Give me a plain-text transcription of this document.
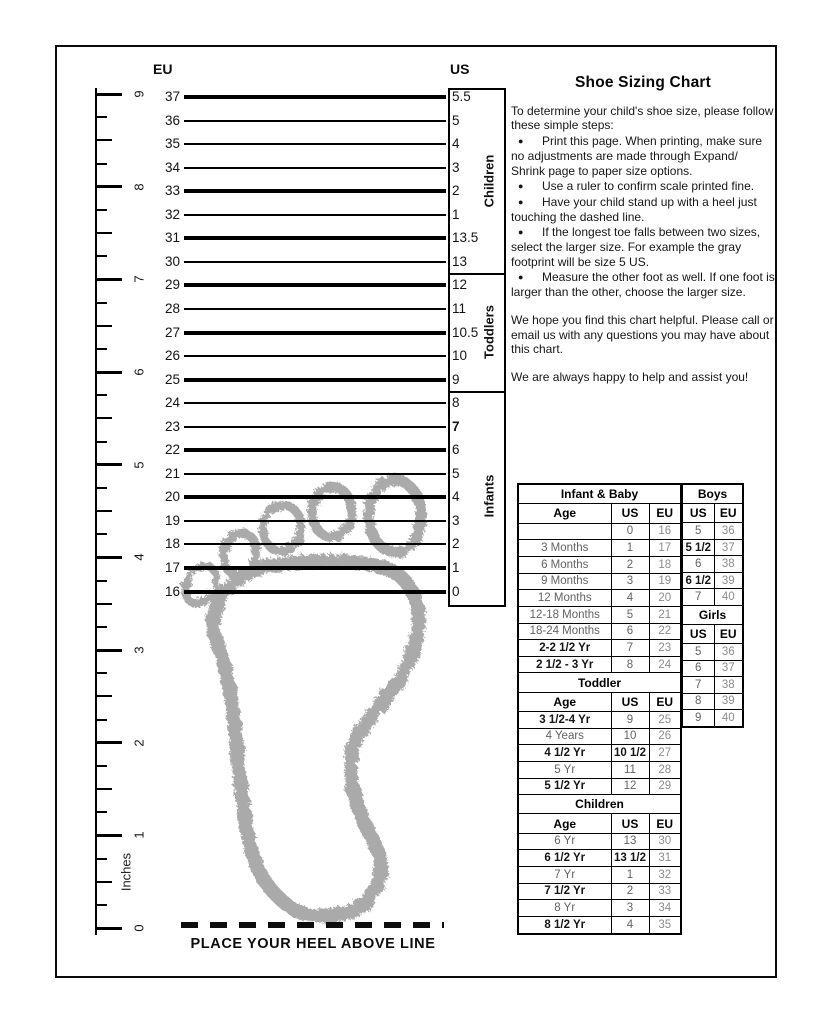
EU	US
9
8
7
6
5
4
3
2
1
0
Inches
37	5.5
36	5
35	4
34	3
33	2
32	1
31	13.5
30	13
29	12
28	11
27	10.5
26	10
25	9
24	8
23	7
22	6
21	5
20	4
19	3
18	2
17	1
16	0
PLACE YOUR HEEL ABOVE LINE
Shoe Sizing Chart

To determine your child's shoe size, please follow these simple steps:

● Print this page. When printing, make sure no adjustments are made through Expand/ Shrink page to paper size options.

● Use a ruler to confirm scale printed fine.

● Have your child stand up with a heel just touching the dashed line.

● If the longest toe falls between two sizes, select the larger size. For example the gray footprint will be size 5 US.

● Measure the other foot as well. If one foot is larger than the other, choose the larger size.

We hope you find this chart helpful. Please call or email us with any questions you may have about this chart.

We are always happy to help and assist you!

Children
Toddlers
Infants	Infant & Baby		
Age	US	EU
	0	16
3 Months	1	17
6 Months	2	18
9 Months	3	19
12 Months	4	20
12-18 Months	5	21
18-24 Months	6	22
2-2 1/2 Yr	7	23
2 1/2 - 3 Yr	8	24
Toddler		
Age	US	EU
3 1/2-4 Yr	9	25
4 Years	10	26
4 1/2 Yr	10 1/2	27
5 Yr	11	28
5 1/2 Yr	12	29
Children		
Age	US	EU
6 Yr	13	30
6 1/2 Yr	13 1/2	31
7 Yr	1	32
7 1/2 Yr	2	33
8 Yr	3	34
8 1/2 Yr	4	35
Boys	
US	EU
5	36
5 1/2	37
6	38
6 1/2	39
7	40
Girls	
US	EU
5	36
6	37
7	38
8	39
9	40
